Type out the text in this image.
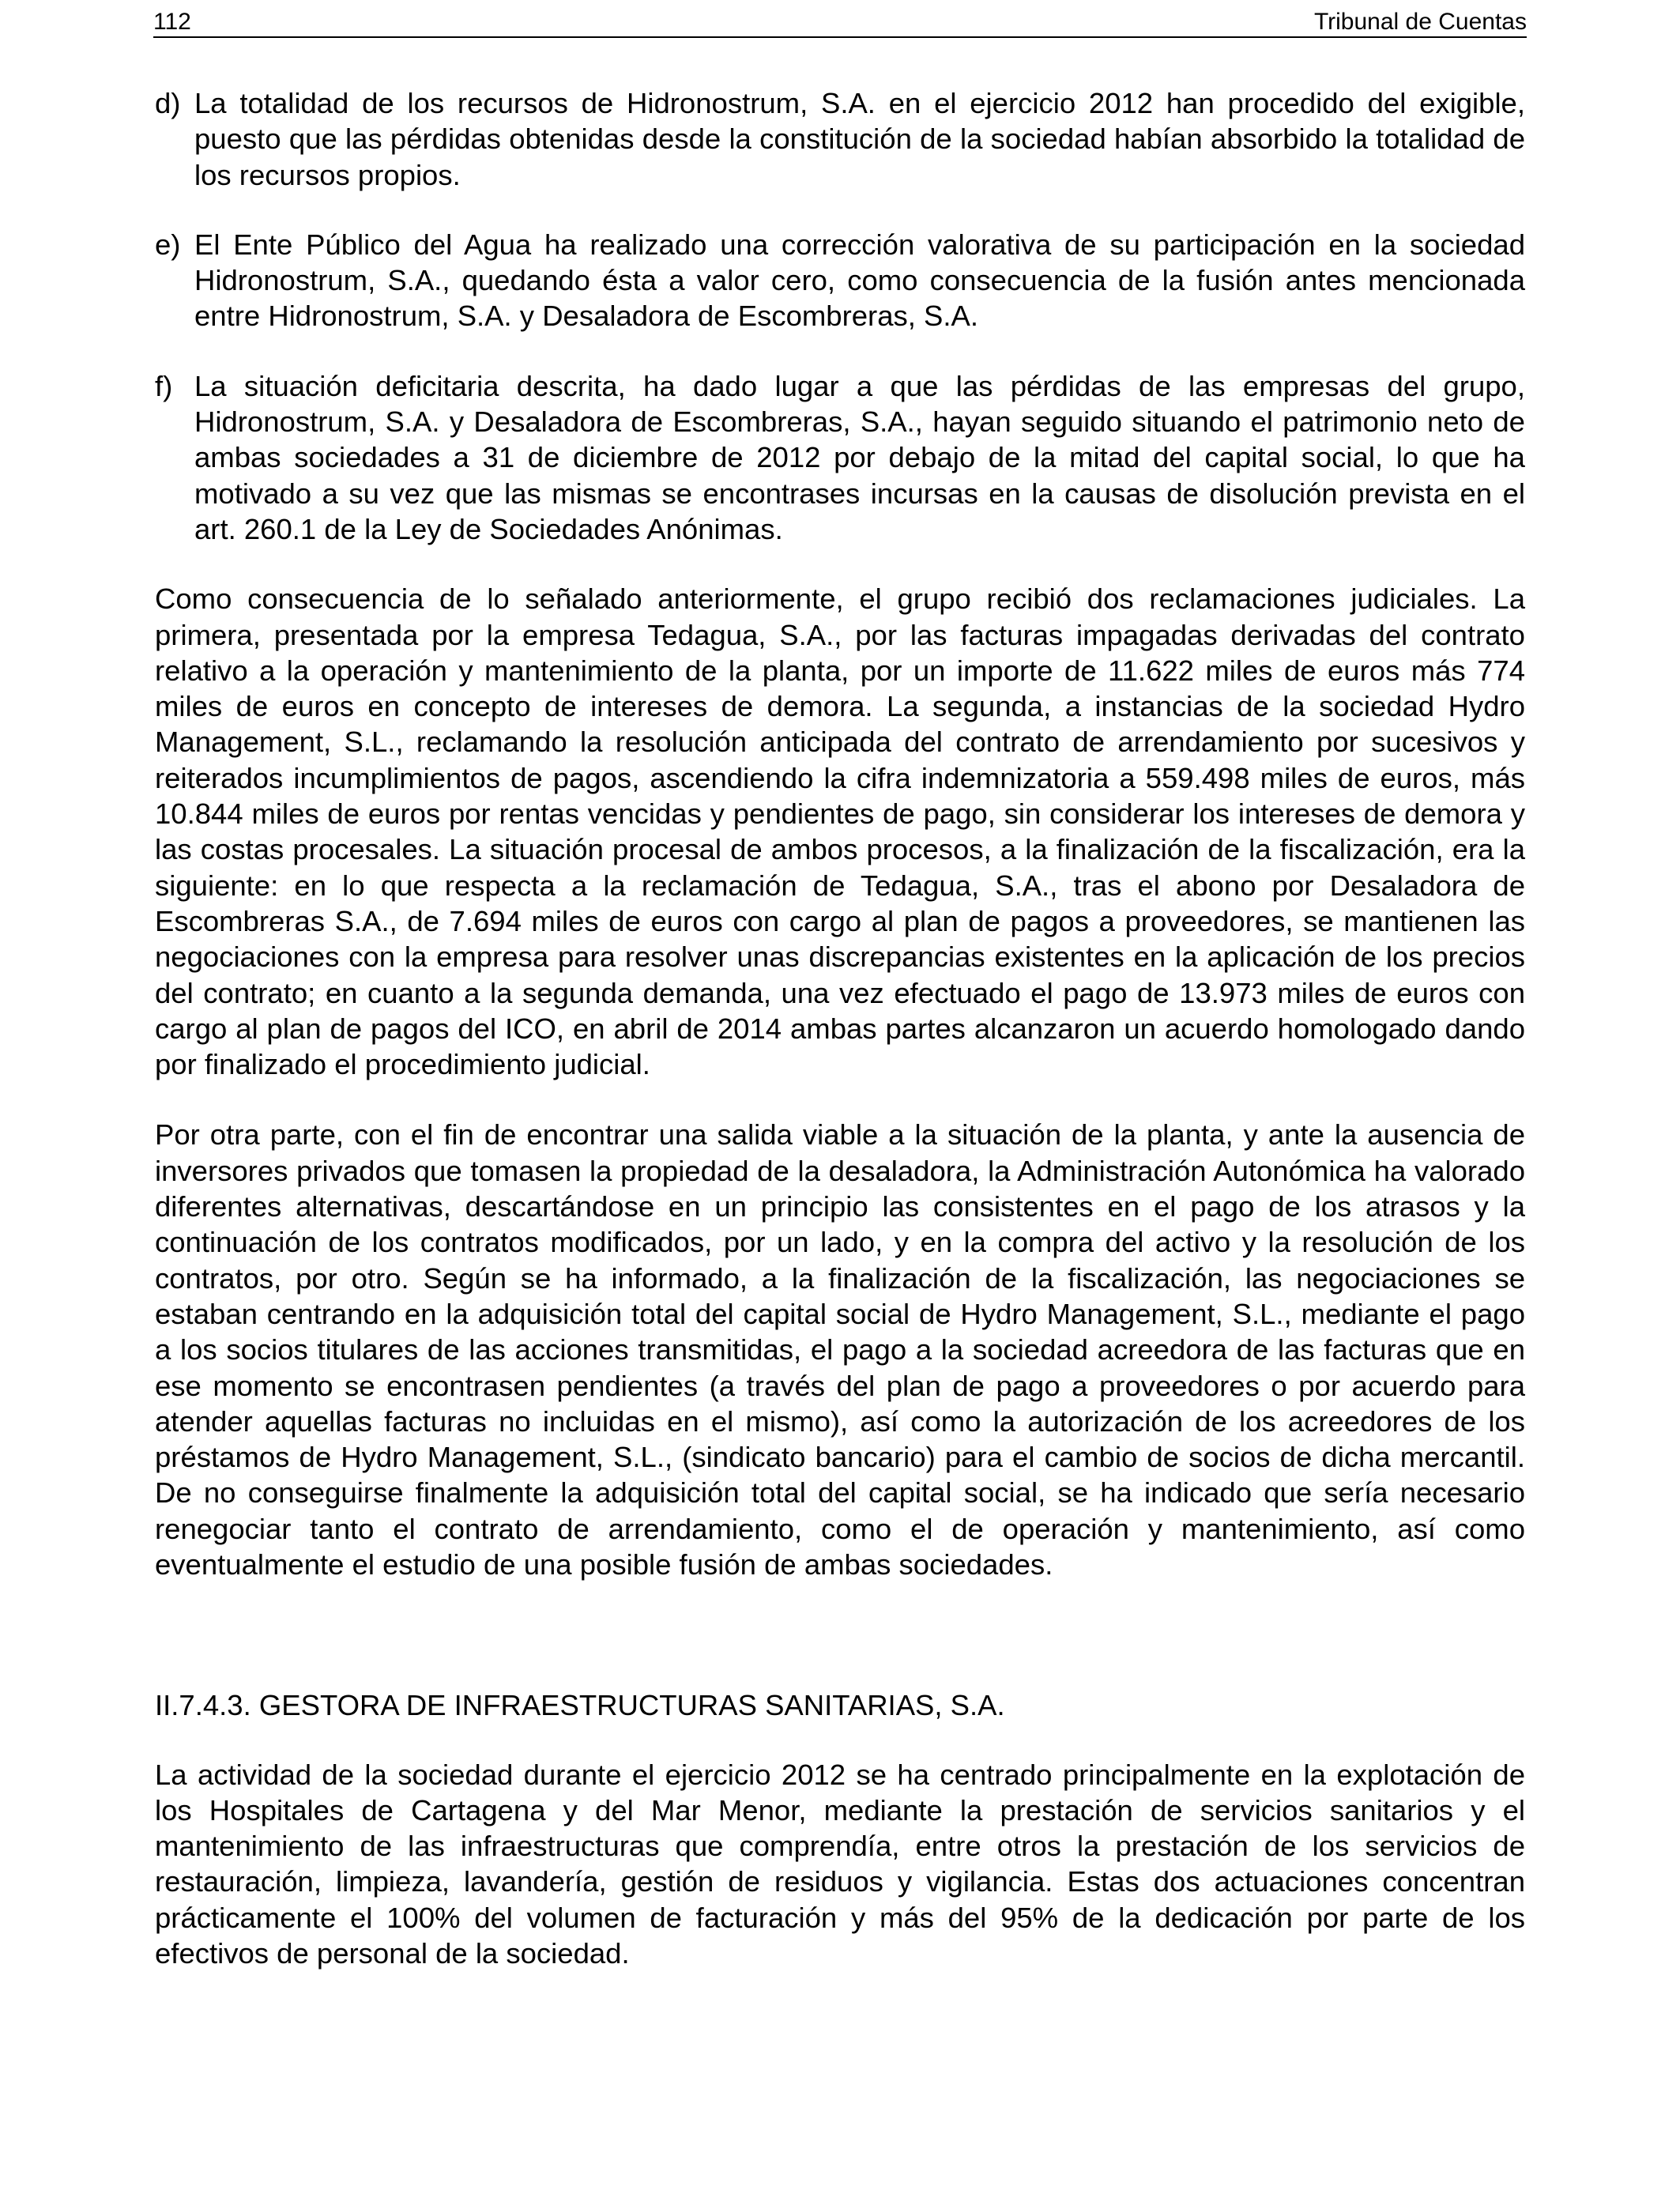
112	Tribunal de Cuentas

d) La totalidad de los recursos de Hidronostrum, S.A. en el ejercicio 2012 han procedido del exigible, puesto que las pérdidas obtenidas desde la constitución de la sociedad habían absorbido la totalidad de los recursos propios.

e) El Ente Público del Agua ha realizado una corrección valorativa de su participación en la sociedad Hidronostrum, S.A., quedando ésta a valor cero, como consecuencia de la fusión antes mencionada entre Hidronostrum, S.A. y Desaladora de Escombreras, S.A.

f) La situación deficitaria descrita, ha dado lugar a que las pérdidas de las empresas del grupo, Hidronostrum, S.A. y Desaladora de Escombreras, S.A., hayan seguido situando el patrimonio neto de ambas sociedades a 31 de diciembre de 2012 por debajo de la mitad del capital social, lo que ha motivado a su vez que las mismas se encontrases incursas en la causas de disolución prevista en el art. 260.1 de la Ley de Sociedades Anónimas.

Como consecuencia de lo señalado anteriormente, el grupo recibió dos reclamaciones judiciales. La primera, presentada por la empresa Tedagua, S.A., por las facturas impagadas derivadas del contrato relativo a la operación y mantenimiento de la planta, por un importe de 11.622 miles de euros más 774 miles de euros en concepto de intereses de demora. La segunda, a instancias de la sociedad Hydro Management, S.L., reclamando la resolución anticipada del contrato de arrendamiento por sucesivos y reiterados incumplimientos de pagos, ascendiendo la cifra indemnizatoria a 559.498 miles de euros, más 10.844 miles de euros por rentas vencidas y pendientes de pago, sin considerar los intereses de demora y las costas procesales. La situación procesal de ambos procesos, a la finalización de la fiscalización, era la siguiente: en lo que respecta a la reclamación de Tedagua, S.A., tras el abono por Desaladora de Escombreras S.A., de 7.694 miles de euros con cargo al plan de pagos a proveedores, se mantienen las negociaciones con la empresa para resolver unas discrepancias existentes en la aplicación de los precios del contrato; en cuanto a la segunda demanda, una vez efectuado el pago de 13.973 miles de euros con cargo al plan de pagos del ICO, en abril de 2014 ambas partes alcanzaron un acuerdo homologado dando por finalizado el procedimiento judicial.

Por otra parte, con el fin de encontrar una salida viable a la situación de la planta, y ante la ausencia de inversores privados que tomasen la propiedad de la desaladora, la Administración Autonómica ha valorado diferentes alternativas, descartándose en un principio las consistentes en el pago de los atrasos y la continuación de los contratos modificados, por un lado, y en la compra del activo y la resolución de los contratos, por otro. Según se ha informado, a la finalización de la fiscalización, las negociaciones se estaban centrando en la adquisición total del capital social de Hydro Management, S.L., mediante el pago a los socios titulares de las acciones transmitidas, el pago a la sociedad acreedora de las facturas que en ese momento se encontrasen pendientes (a través del plan de pago a proveedores o por acuerdo para atender aquellas facturas no incluidas en el mismo), así como la autorización de los acreedores de los préstamos de Hydro Management, S.L., (sindicato bancario) para el cambio de socios de dicha mercantil. De no conseguirse finalmente la adquisición total del capital social, se ha indicado que sería necesario renegociar tanto el contrato de arrendamiento, como el de operación y mantenimiento, así como eventualmente el estudio de una posible fusión de ambas sociedades.

II.7.4.3. GESTORA DE INFRAESTRUCTURAS SANITARIAS, S.A.

La actividad de la sociedad durante el ejercicio 2012 se ha centrado principalmente en la explotación de los Hospitales de Cartagena y del Mar Menor, mediante la prestación de servicios sanitarios y el mantenimiento de las infraestructuras que comprendía, entre otros la prestación de los servicios de restauración, limpieza, lavandería, gestión de residuos y vigilancia. Estas dos actuaciones concentran prácticamente el 100% del volumen de facturación y más del 95% de la dedicación por parte de los efectivos de personal de la sociedad.
